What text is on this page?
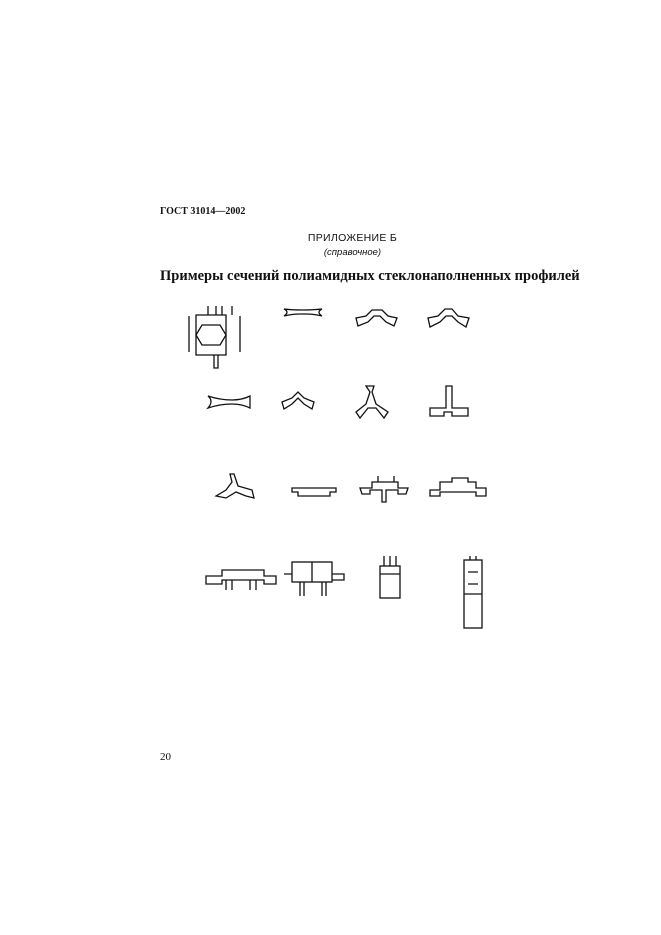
ГОСТ 31014—2002
ПРИЛОЖЕНИЕ Б
(справочное)
Примеры сечений полиамидных стеклонаполненных профилей
20
